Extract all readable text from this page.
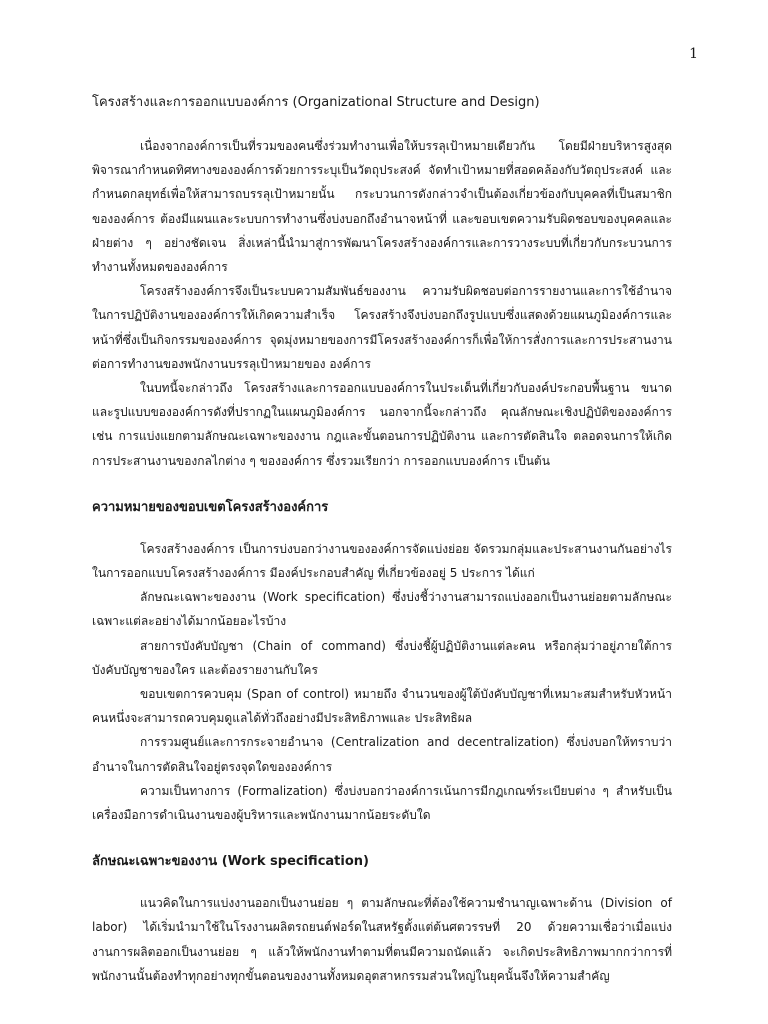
1
โครงสร้างและการออกแบบองค์การ (Organizational Structure and Design)

เนื่องจากองค์การเป็นที่รวมของคนซึ่งร่วมทำงานเพื่อให้บรรลุเป้าหมายเดียวกัน โดยมีฝ่ายบริหารสูงสุดพิจารณากำหนดทิศทางขององค์การด้วยการระบุเป็นวัตถุประสงค์ จัดทำเป้าหมายที่สอดคล้องกับวัตถุประสงค์ และกำหนดกลยุทธ์เพื่อให้สามารถบรรลุเป้าหมายนั้น กระบวนการดังกล่าวจำเป็นต้องเกี่ยวข้องกับบุคคลที่เป็นสมาชิกขององค์การ ต้องมีแผนและระบบการทำงานซึ่งบ่งบอกถึงอำนาจหน้าที่ และขอบเขตความรับผิดชอบของบุคคลและฝ่ายต่าง ๆ อย่างชัดเจน สิ่งเหล่านี้นำมาสู่การพัฒนาโครงสร้างองค์การและการวางระบบที่เกี่ยวกับกระบวนการทำงานทั้งหมดขององค์การ

โครงสร้างองค์การจึงเป็นระบบความสัมพันธ์ของงาน ความรับผิดชอบต่อการรายงานและการใช้อำนาจในการปฏิบัติงานขององค์การให้เกิดความสำเร็จ โครงสร้างจึงบ่งบอกถึงรูปแบบซึ่งแสดงด้วยแผนภูมิองค์การและหน้าที่ซึ่งเป็นกิจกรรมขององค์การ จุดมุ่งหมายของการมีโครงสร้างองค์การก็เพื่อให้การสั่งการและการประสานงานต่อการทำงานของพนักงานบรรลุเป้าหมายของ องค์การ

ในบทนี้จะกล่าวถึง โครงสร้างและการออกแบบองค์การในประเด็นที่เกี่ยวกับองค์ประกอบพื้นฐาน ขนาด และรูปแบบขององค์การดังที่ปรากฏในแผนภูมิองค์การ นอกจากนี้จะกล่าวถึง คุณลักษณะเชิงปฏิบัติขององค์การ เช่น การแบ่งแยกตามลักษณะเฉพาะของงาน กฎและขั้นตอนการปฏิบัติงาน และการตัดสินใจ ตลอดจนการให้เกิดการประสานงานของกลไกต่าง ๆ ขององค์การ ซึ่งรวมเรียกว่า การออกแบบองค์การ เป็นต้น

ความหมายของขอบเขตโครงสร้างองค์การ

โครงสร้างองค์การ เป็นการบ่งบอกว่างานขององค์การจัดแบ่งย่อย จัดรวมกลุ่มและประสานงานกันอย่างไร ในการออกแบบโครงสร้างองค์การ มีองค์ประกอบสำคัญ ที่เกี่ยวข้องอยู่ 5 ประการ ได้แก่

ลักษณะเฉพาะของงาน (Work specification) ซึ่งบ่งชี้ว่างานสามารถแบ่งออกเป็นงานย่อยตามลักษณะเฉพาะแต่ละอย่างได้มากน้อยอะไรบ้าง

สายการบังคับบัญชา (Chain of command) ซึ่งบ่งชี้ผู้ปฏิบัติงานแต่ละคน หรือกลุ่มว่าอยู่ภายใต้การบังคับบัญชาของใคร และต้องรายงานกับใคร

ขอบเขตการควบคุม (Span of control) หมายถึง จำนวนของผู้ใต้บังคับบัญชาที่เหมาะสมสำหรับหัวหน้าคนหนึ่งจะสามารถควบคุมดูแลได้ทั่วถึงอย่างมีประสิทธิภาพและ ประสิทธิผล

การรวมศูนย์และการกระจายอำนาจ (Centralization and decentralization) ซึ่งบ่งบอกให้ทราบว่า อำนาจในการตัดสินใจอยู่ตรงจุดใดขององค์การ

ความเป็นทางการ (Formalization) ซึ่งบ่งบอกว่าองค์การเน้นการมีกฎเกณฑ์ระเบียบต่าง ๆ สำหรับเป็นเครื่องมือการดำเนินงานของผู้บริหารและพนักงานมากน้อยระดับใด

ลักษณะเฉพาะของงาน (Work specification)

แนวคิดในการแบ่งงานออกเป็นงานย่อย ๆ ตามลักษณะที่ต้องใช้ความชำนาญเฉพาะด้าน (Division of labor) ได้เริ่มนำมาใช้ในโรงงานผลิตรถยนต์ฟอร์ดในสหรัฐตั้งแต่ต้นศตวรรษที่ 20 ด้วยความเชื่อว่าเมื่อแบ่งงานการผลิตออกเป็นงานย่อย ๆ แล้วให้พนักงานทำตามที่ตนมีความถนัดแล้ว จะเกิดประสิทธิภาพมากกว่าการที่พนักงานนั้นต้องทำทุกอย่างทุกขั้นตอนของงานทั้งหมดอุตสาหกรรมส่วนใหญ่ในยุคนั้นจึงให้ความสำคัญ
